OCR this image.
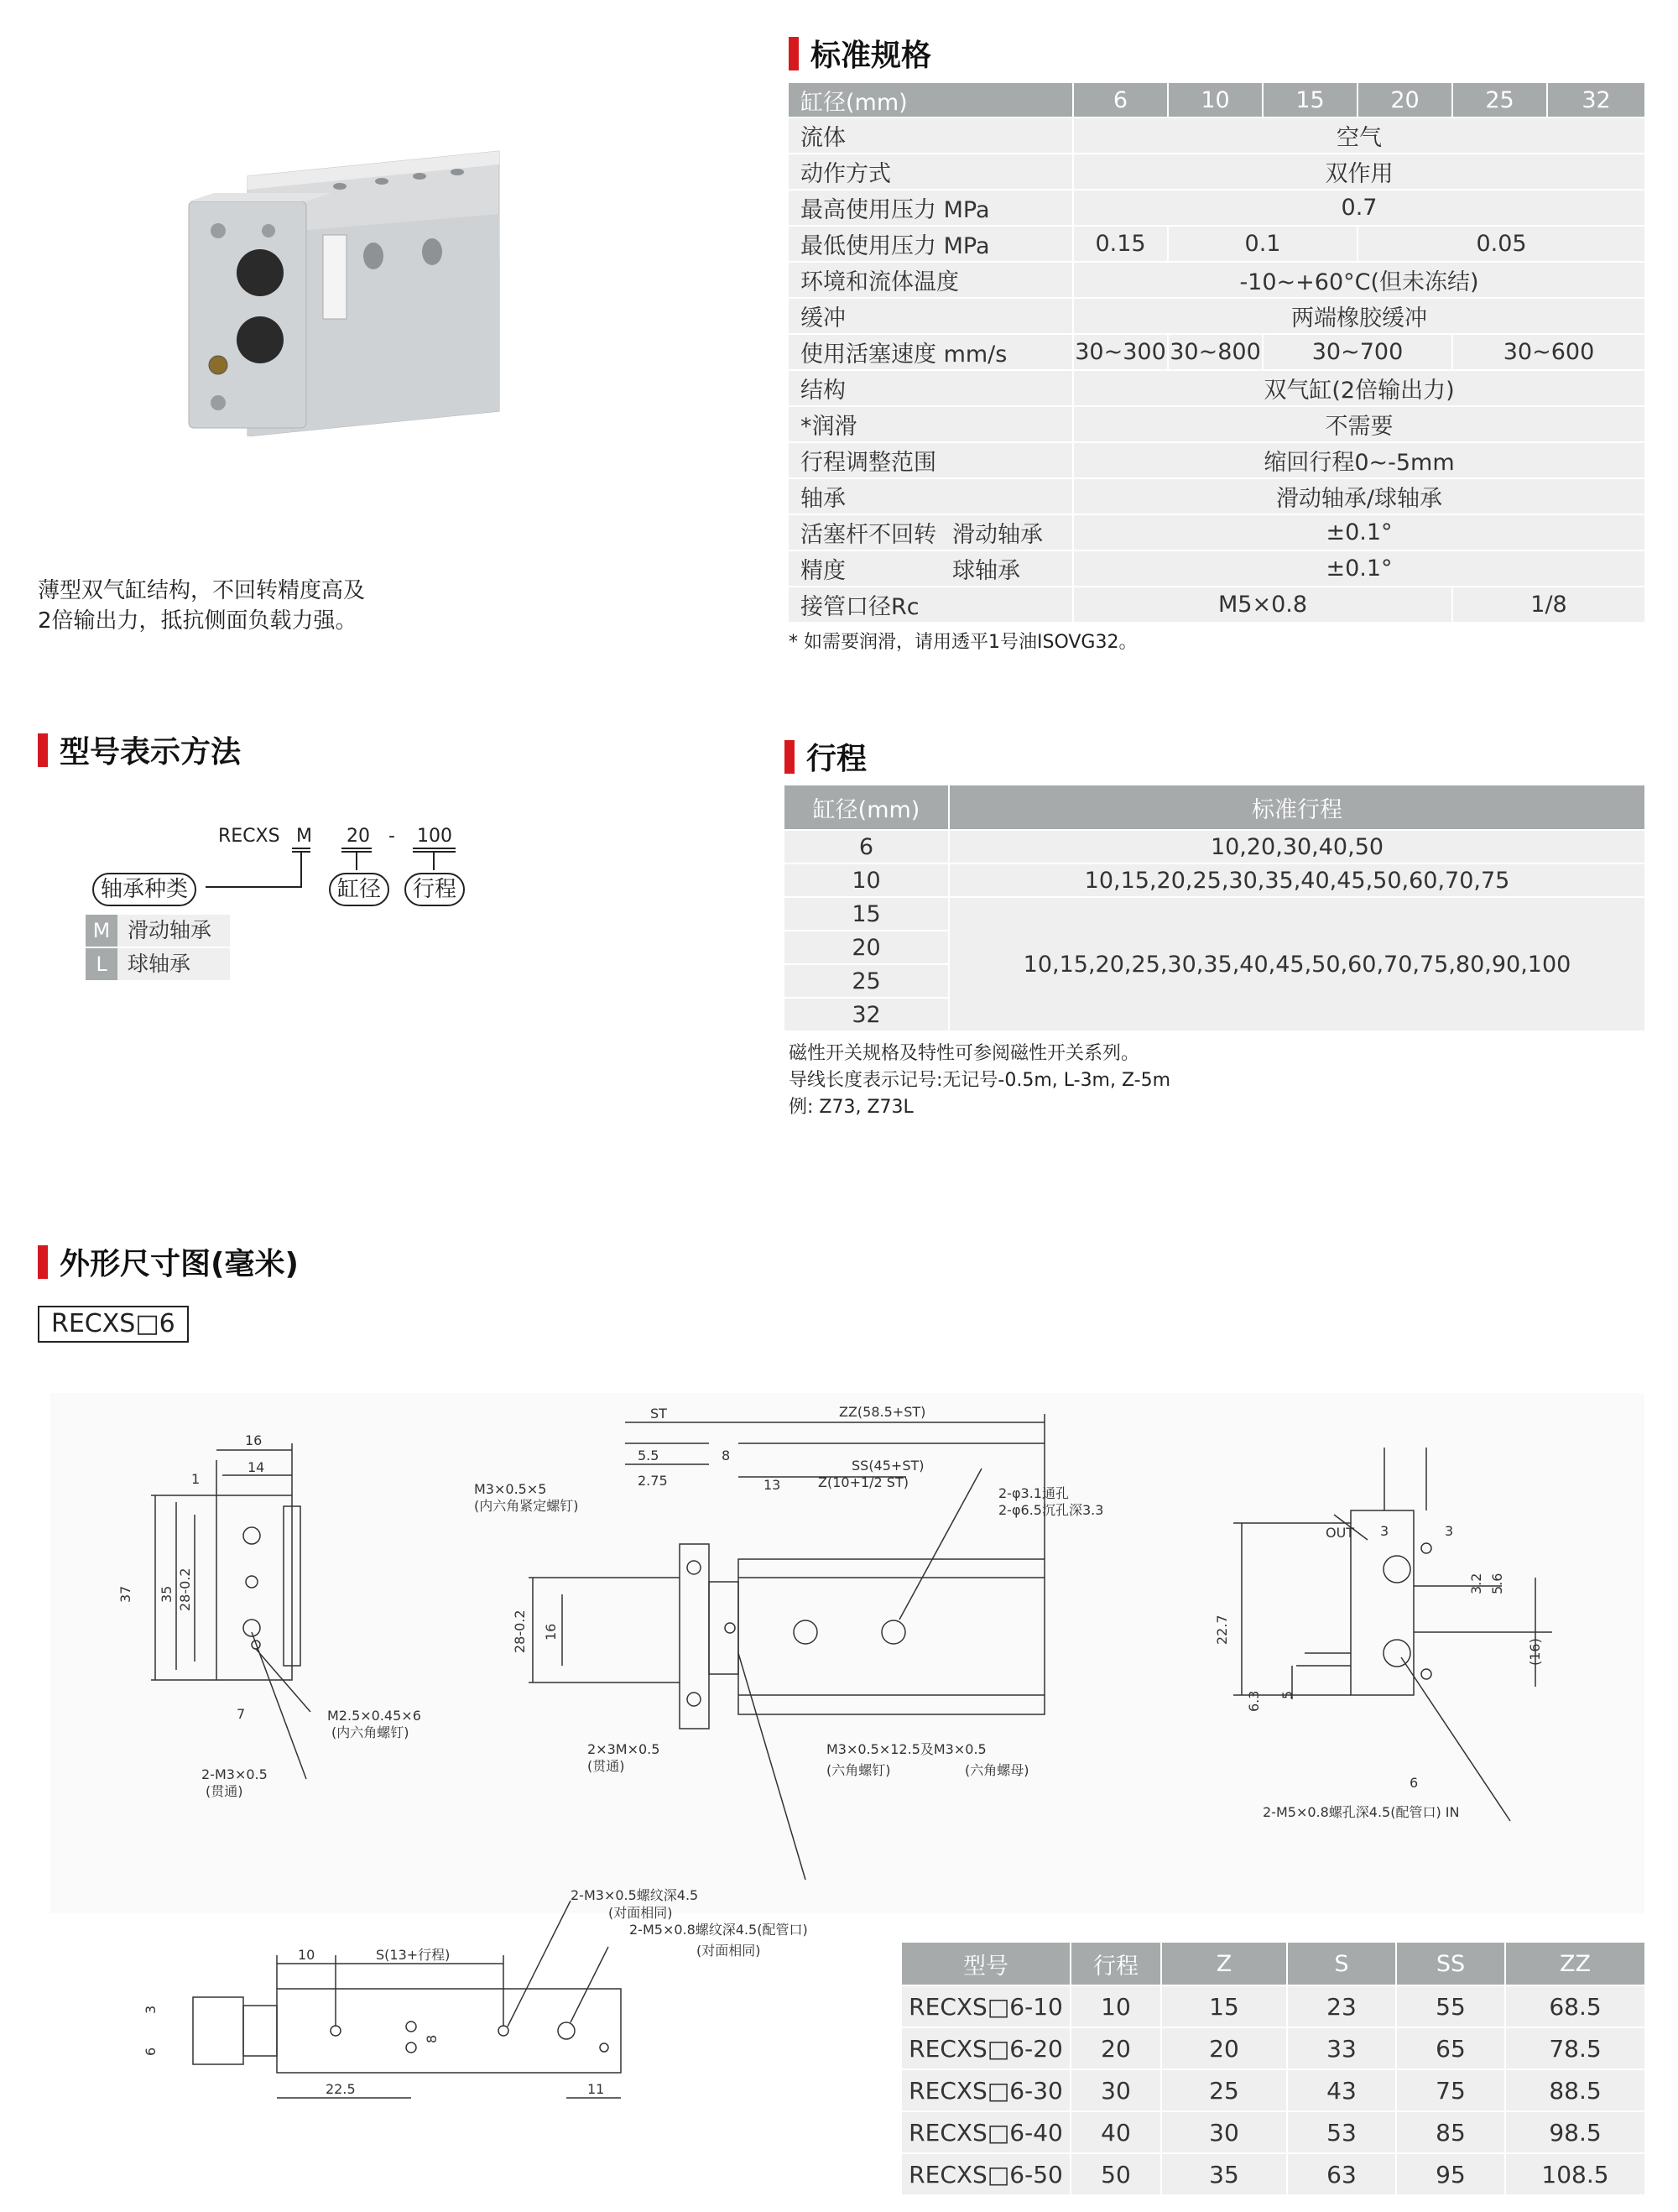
薄型双气缸结构，不回转精度高及
2倍输出力，抵抗侧面负载力强。
标准规格
缸径(mm)	6	10	15	20	25	32
流体	空气					
动作方式	双作用					
最高使用压力 MPa	0.7					
最低使用压力 MPa	0.15	0.1		0.05		
环境和流体温度	-10~+60°C(但未冻结)					
缓冲	两端橡胶缓冲					
使用活塞速度 mm/s	30~300	30~800	30~700		30~600	
结构	双气缸(2倍输出力)					
*润滑	不需要					
行程调整范围	缩回行程0~-5mm					
轴承	滑动轴承/球轴承					
活塞杆不回转 滑动轴承	±0.1°					
精度 球轴承	±0.1°					
接管口径Rc	M5×0.8				1/8	
* 如需要润滑，请用透平1号油ISOVG32。
型号表示方法
RECXS M 20 - 100
轴承种类	缸径	行程
M 滑动轴承
L 球轴承
行程
缸径(mm)	标准行程
6	10,20,30,40,50
10	10,15,20,25,30,35,40,45,50,60,70,75
15	10,15,20,25,30,35,40,45,50,60,70,75,80,90,100
20	
25	
32	
磁性开关规格及特性可参阅磁性开关系列。
导线长度表示记号:无记号-0.5m, L-3m, Z-5m
例: Z73, Z73L
外形尺寸图(毫米)
RECXS□6
16
14
1
37 35 28-0.2
7	M2.5×0.45×6
(内六角螺钉)
2-M3×0.5
(贯通)
ST	ZZ(58.5+ST)
5.5	8
SS(45+ST)
2.75	13	Z(10+1/2 ST)
M3×0.5×5
(内六角紧定螺钉)
2-φ3.1通孔
2-φ6.5沉孔深3.3
28-0.2 16
2×3M×0.5
(贯通)
M3×0.5×12.5及M3×0.5
(六角螺钉)	(六角螺母)
OUT 3	3
3.2 5.6
22.7
6.3 5
(16)
6
2-M5×0.8螺孔深4.5(配管口) IN
10	S(13+行程)
3
6
22.5	11
8
2-M3×0.5螺纹深4.5
(对面相同)
2-M5×0.8螺纹深4.5(配管口)
(对面相同)
型号	行程	Z	S	SS	ZZ
RECXS□6-10	10	15	23	55	68.5
RECXS□6-20	20	20	33	65	78.5
RECXS□6-30	30	25	43	75	88.5
RECXS□6-40	40	30	53	85	98.5
RECXS□6-50	50	35	63	95	108.5
